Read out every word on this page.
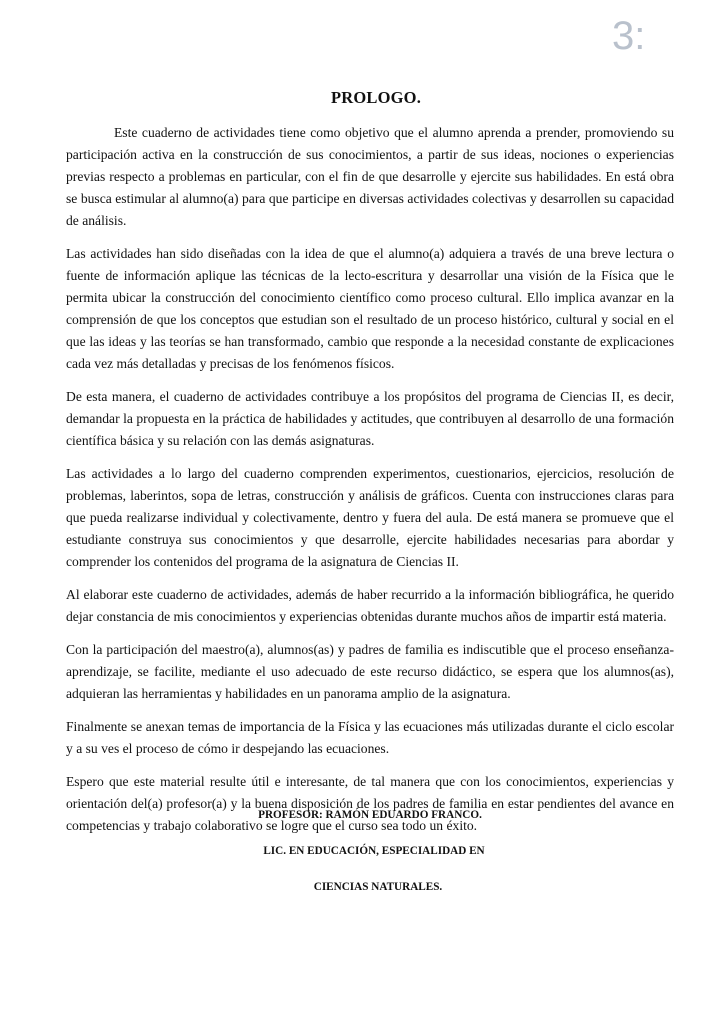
3:
PROLOGO.

Este cuaderno de actividades tiene como objetivo que el alumno aprenda a prender, promoviendo su participación activa en la construcción de sus conocimientos, a partir de sus ideas, nociones o experiencias previas respecto a problemas en particular, con el fin de que desarrolle y ejercite sus habilidades. En está obra se busca estimular al alumno(a) para que participe en diversas actividades colectivas y desarrollen su capacidad de análisis.

Las actividades han sido diseñadas con la idea de que el alumno(a) adquiera a través de una breve lectura o fuente de información aplique las técnicas de la lecto-escritura y desarrollar una visión de la Física que le permita ubicar la construcción del conocimiento científico como proceso cultural. Ello implica avanzar en la comprensión de que los conceptos que estudian son el resultado de un proceso histórico, cultural y social en el que las ideas y las teorías se han transformado, cambio que responde a la necesidad constante de explicaciones cada vez más detalladas y precisas de los fenómenos físicos.

De esta manera, el cuaderno de actividades contribuye a los propósitos del programa de Ciencias II, es decir, demandar la propuesta en la práctica de habilidades y actitudes, que contribuyen al desarrollo de una formación científica básica y su relación con las demás asignaturas.

Las actividades a lo largo del cuaderno comprenden experimentos, cuestionarios, ejercicios, resolución de problemas, laberintos, sopa de letras, construcción y análisis de gráficos. Cuenta con instrucciones claras para que pueda realizarse individual y colectivamente, dentro y fuera del aula. De está manera se promueve que el estudiante construya sus conocimientos y que desarrolle, ejercite habilidades necesarias para abordar y comprender los contenidos del programa de la asignatura de Ciencias II.

Al elaborar este cuaderno de actividades, además de haber recurrido a la información bibliográfica, he querido dejar constancia de mis conocimientos y experiencias obtenidas durante muchos años de impartir está materia.

Con la participación del maestro(a), alumnos(as) y padres de familia es indiscutible que el proceso enseñanza-aprendizaje, se facilite, mediante el uso adecuado de este recurso didáctico, se espera que los alumnos(as), adquieran las herramientas y habilidades en un panorama amplio de la asignatura.

Finalmente se anexan temas de importancia de la Física y las ecuaciones más utilizadas durante el ciclo escolar y a su ves el proceso de cómo ir despejando las ecuaciones.

Espero que este material resulte útil e interesante, de tal manera que con los conocimientos, experiencias y orientación del(a) profesor(a) y la buena disposición de los padres de familia en estar pendientes del avance en competencias y trabajo colaborativo se logre que el curso sea todo un éxito.

PROFESOR: RAMÓN EDUARDO FRANCO.
LIC. EN EDUCACIÓN, ESPECIALIDAD EN
CIENCIAS NATURALES.
